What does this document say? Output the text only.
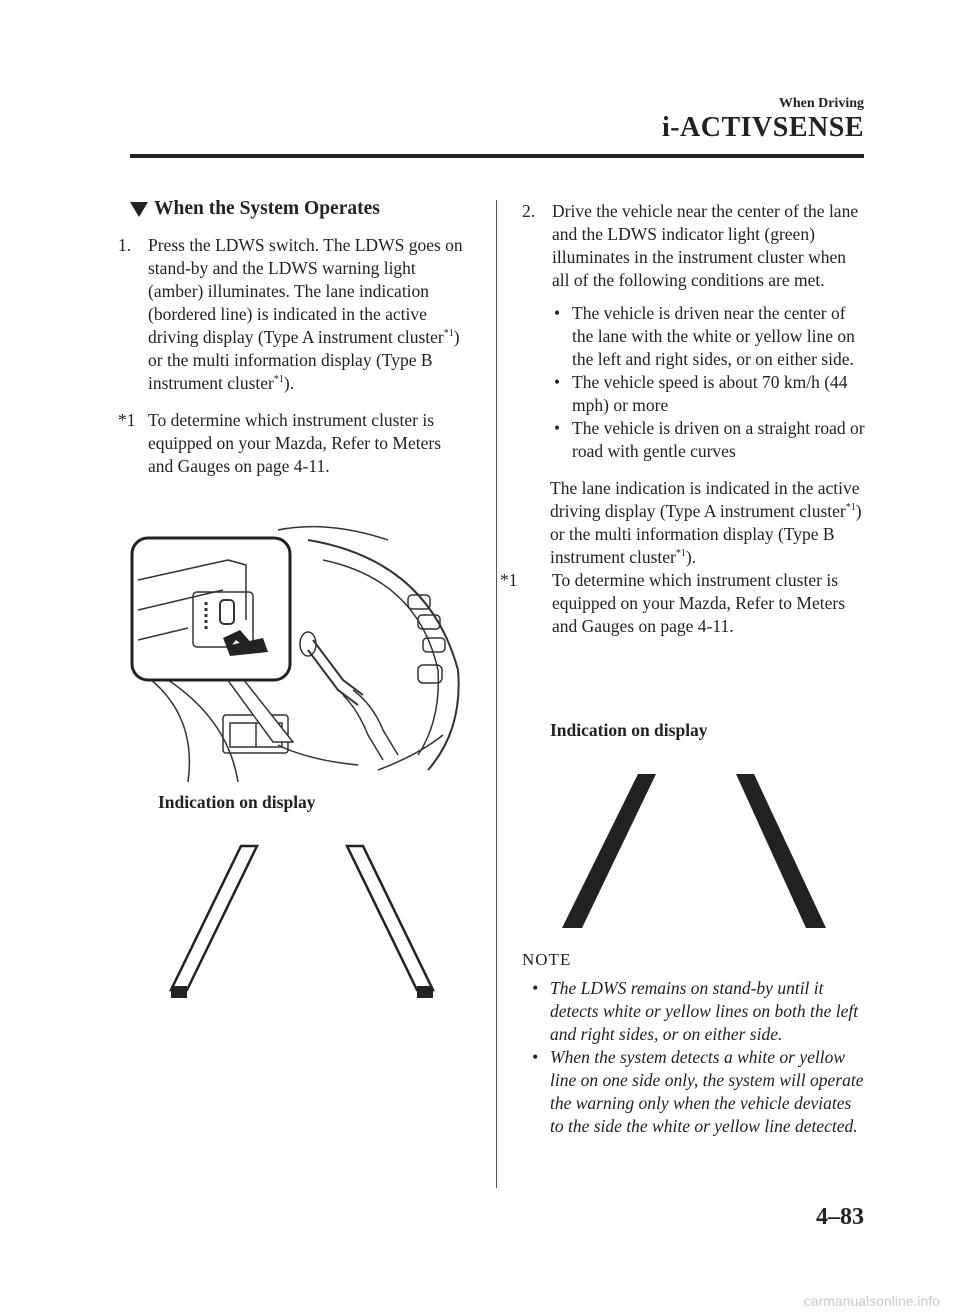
When Driving
i-ACTIVSENSE
When the System Operates

1. Press the LDWS switch. The LDWS goes on stand-by and the LDWS warning light (amber) illuminates. The lane indication (bordered line) is indicated in the active driving display (Type A instrument cluster$^{*1}$) or the multi information display (Type B instrument cluster$^{*1}$).

*1 To determine which instrument cluster is equipped on your Mazda, Refer to Meters and Gauges on page 4-11.

Indication on display

2. Drive the vehicle near the center of the lane and the LDWS indicator light (green) illuminates in the instrument cluster when all of the following conditions are met.

• The vehicle is driven near the center of the lane with the white or yellow line on the left and right sides, or on either side.
• The vehicle speed is about 70 km/h (44 mph) or more
• The vehicle is driven on a straight road or road with gentle curves

The lane indication is indicated in the active driving display (Type A instrument cluster$^{*1}$) or the multi information display (Type B instrument cluster$^{*1}$).

*1 To determine which instrument cluster is equipped on your Mazda, Refer to Meters and Gauges on page 4-11.

Indication on display

NOTE

• The LDWS remains on stand-by until it detects white or yellow lines on both the left and right sides, or on either side.
• When the system detects a white or yellow line on one side only, the system will operate the warning only when the vehicle deviates to the side the white or yellow line detected.
4–83
carmanualsonline.info
